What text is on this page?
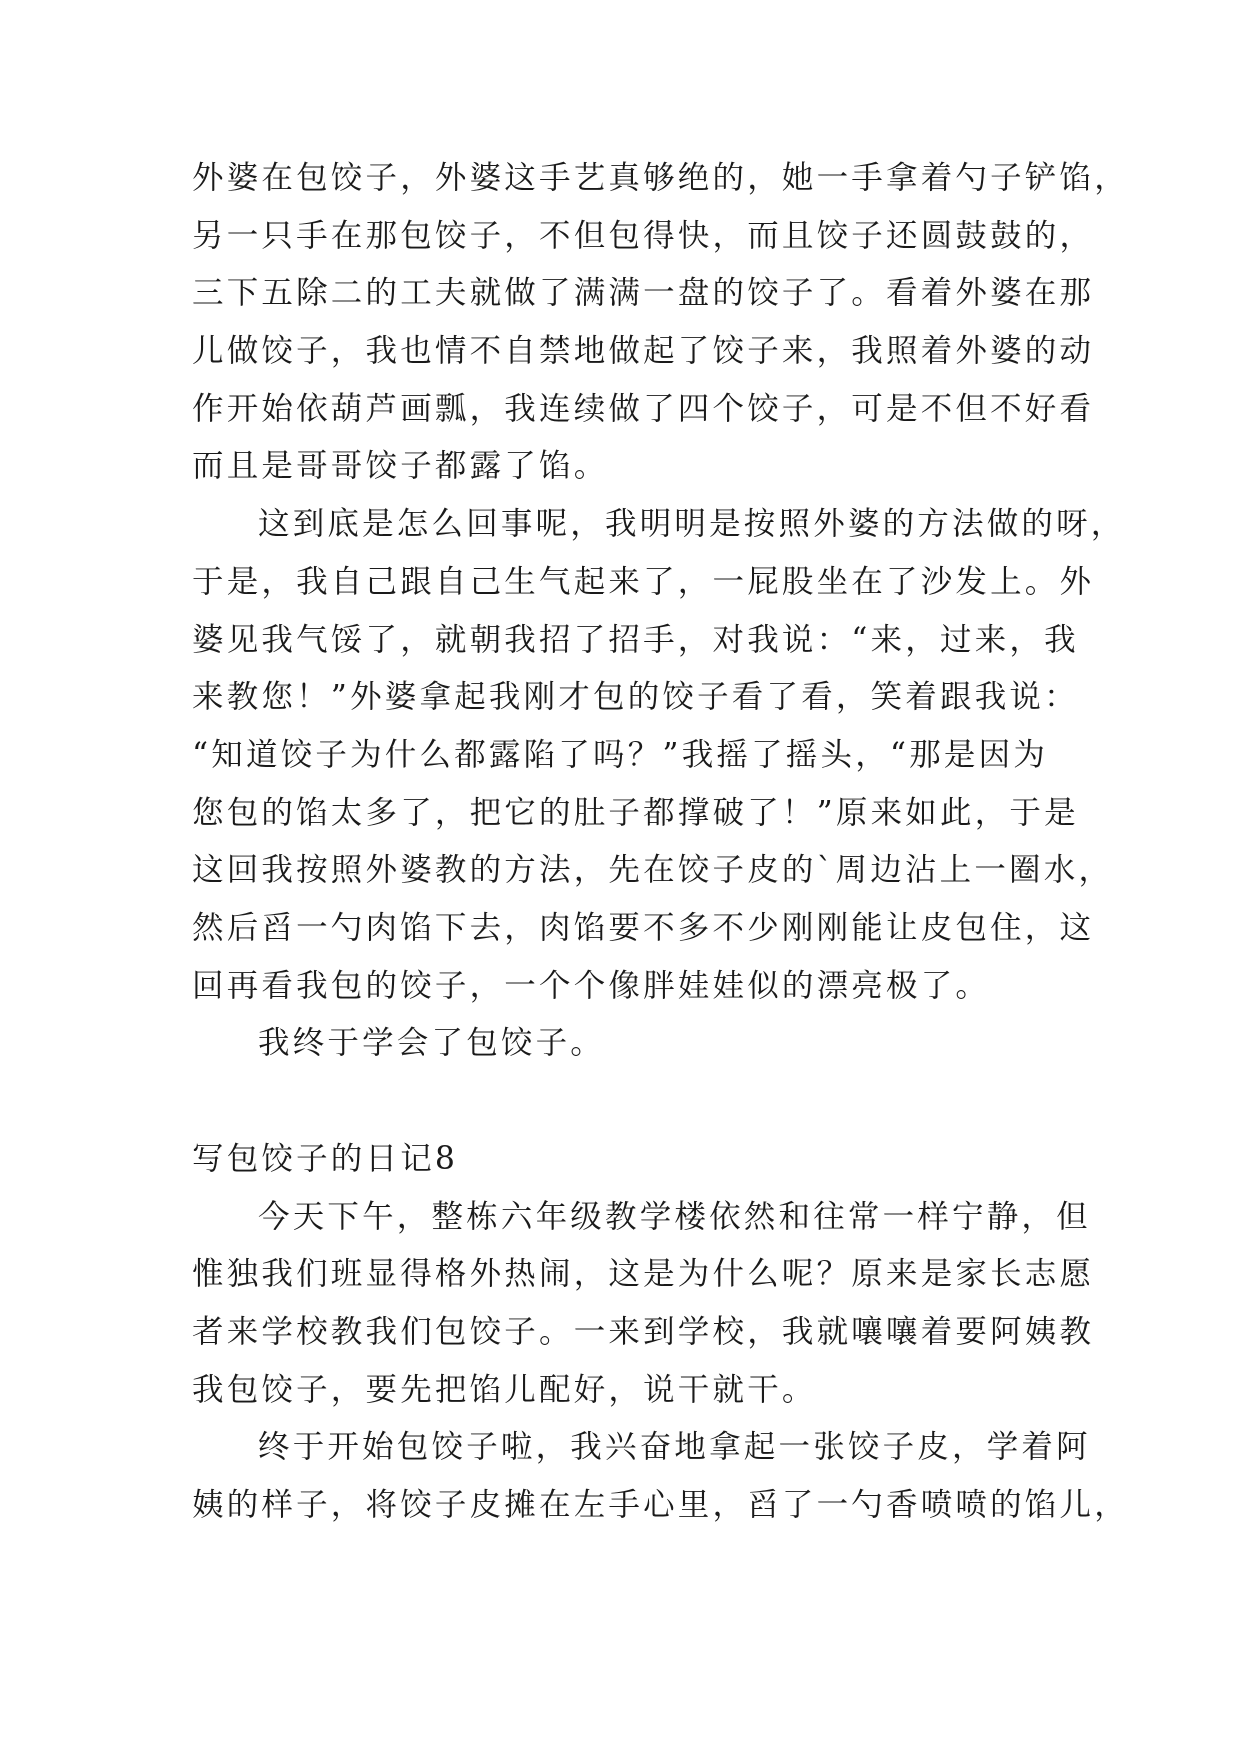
外婆在包饺子，外婆这手艺真够绝的，她一手拿着勺子铲馅，
另一只手在那包饺子，不但包得快，而且饺子还圆鼓鼓的，
三下五除二的工夫就做了满满一盘的饺子了。看着外婆在那
儿做饺子，我也情不自禁地做起了饺子来，我照着外婆的动
作开始依葫芦画瓢，我连续做了四个饺子，可是不但不好看
而且是哥哥饺子都露了馅。

这到底是怎么回事呢，我明明是按照外婆的方法做的呀，
于是，我自己跟自己生气起来了，一屁股坐在了沙发上。外
婆见我气馁了，就朝我招了招手，对我说：“来，过来，我
来教您！”外婆拿起我刚才包的饺子看了看，笑着跟我说：
“知道饺子为什么都露陷了吗？”我摇了摇头，“那是因为
您包的馅太多了，把它的肚子都撑破了！”原来如此，于是
这回我按照外婆教的方法，先在饺子皮的`周边沾上一圈水，
然后舀一勺肉馅下去，肉馅要不多不少刚刚能让皮包住，这
回再看我包的饺子，一个个像胖娃娃似的漂亮极了。

我终于学会了包饺子。

写包饺子的日记8

今天下午，整栋六年级教学楼依然和往常一样宁静，但
惟独我们班显得格外热闹，这是为什么呢？原来是家长志愿
者来学校教我们包饺子。一来到学校，我就嚷嚷着要阿姨教
我包饺子，要先把馅儿配好，说干就干。

终于开始包饺子啦，我兴奋地拿起一张饺子皮，学着阿
姨的样子，将饺子皮摊在左手心里，舀了一勺香喷喷的馅儿，
